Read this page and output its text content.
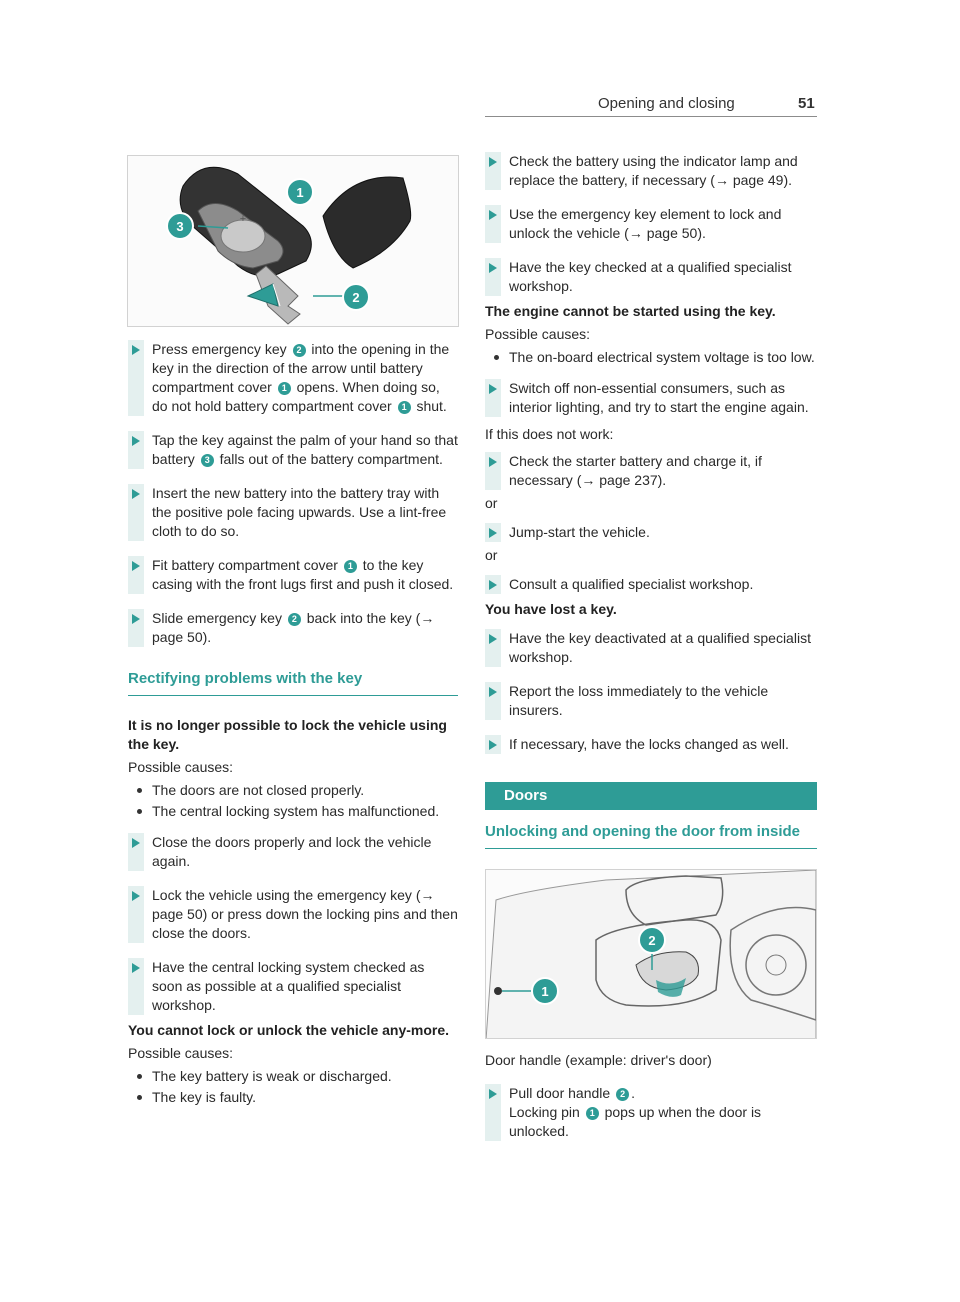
Opening and closing	51
+
1
2
3
Press emergency key 2 into the opening in the key in the direction of the arrow until battery compartment cover 1 opens. When doing so, do not hold battery compartment cover 1 shut.
Tap the key against the palm of your hand so that battery 3 falls out of the battery compartment.
Insert the new battery into the battery tray with the positive pole facing upwards. Use a lint-free cloth to do so.
Fit battery compartment cover 1 to the key casing with the front lugs first and push it closed.
Slide emergency key 2 back into the key (→ page 50).
Rectifying problems with the key
It is no longer possible to lock the vehicle using the key.
Possible causes:
The doors are not closed properly.
The central locking system has malfunctioned.
Close the doors properly and lock the vehicle again.
Lock the vehicle using the emergency key (→ page 50) or press down the locking pins and then close the doors.
Have the central locking system checked as soon as possible at a qualified specialist workshop.
You cannot lock or unlock the vehicle any-more.
Possible causes:
The key battery is weak or discharged.
The key is faulty.
Check the battery using the indicator lamp and replace the battery, if necessary (→ page 49).
Use the emergency key element to lock and unlock the vehicle (→ page 50).
Have the key checked at a qualified specialist workshop.
The engine cannot be started using the key.
Possible causes:
The on-board electrical system voltage is too low.
Switch off non-essential consumers, such as interior lighting, and try to start the engine again.
If this does not work:
Check the starter battery and charge it, if necessary (→ page 237).
or
Jump-start the vehicle.
or
Consult a qualified specialist workshop.
You have lost a key.
Have the key deactivated at a qualified specialist workshop.
Report the loss immediately to the vehicle insurers.
If necessary, have the locks changed as well.
Doors
Unlocking and opening the door from inside
1
2
Door handle (example: driver's door)
Pull door handle 2 .
Locking pin 1 pops up when the door is unlocked.
